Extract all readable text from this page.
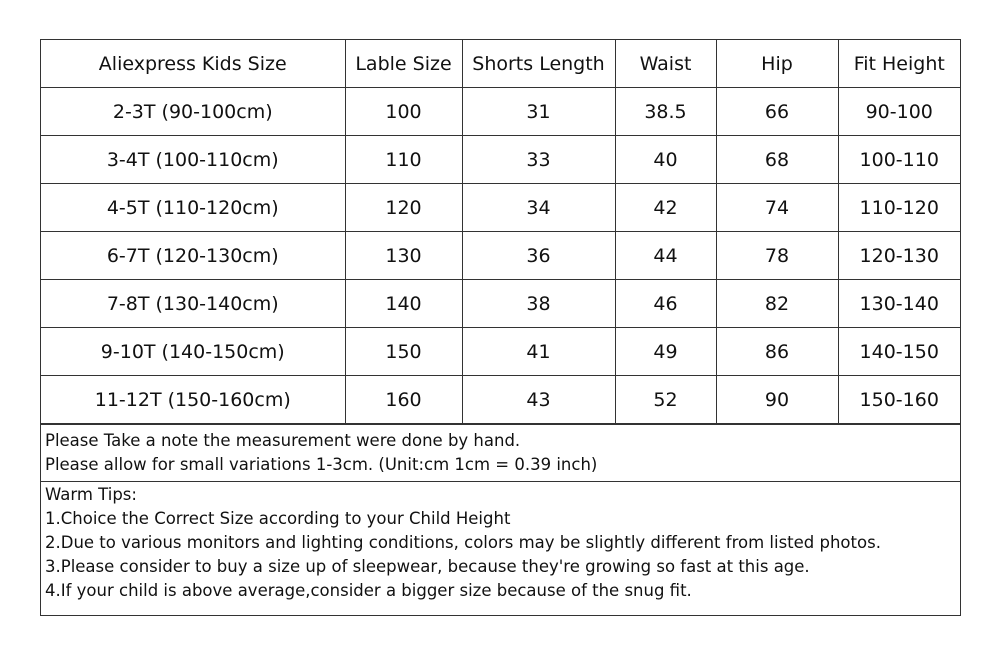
Aliexpress Kids Size	Lable Size	Shorts Length	Waist	Hip	Fit Height
2-3T (90-100cm)	100	31	38.5	66	90-100
3-4T (100-110cm)	110	33	40	68	100-110
4-5T (110-120cm)	120	34	42	74	110-120
6-7T (120-130cm)	130	36	44	78	120-130
7-8T (130-140cm)	140	38	46	82	130-140
9-10T (140-150cm)	150	41	49	86	140-150
11-12T (150-160cm)	160	43	52	90	150-160
Please Take a note the measurement were done by hand.
Please allow for small variations 1-3cm. (Unit:cm 1cm = 0.39 inch)
Warm Tips:
1.Choice the Correct Size according to your Child Height
2.Due to various monitors and lighting conditions, colors may be slightly different from listed photos.
3.Please consider to buy a size up of sleepwear, because they're growing so fast at this age.
4.If your child is above average,consider a bigger size because of the snug fit.
